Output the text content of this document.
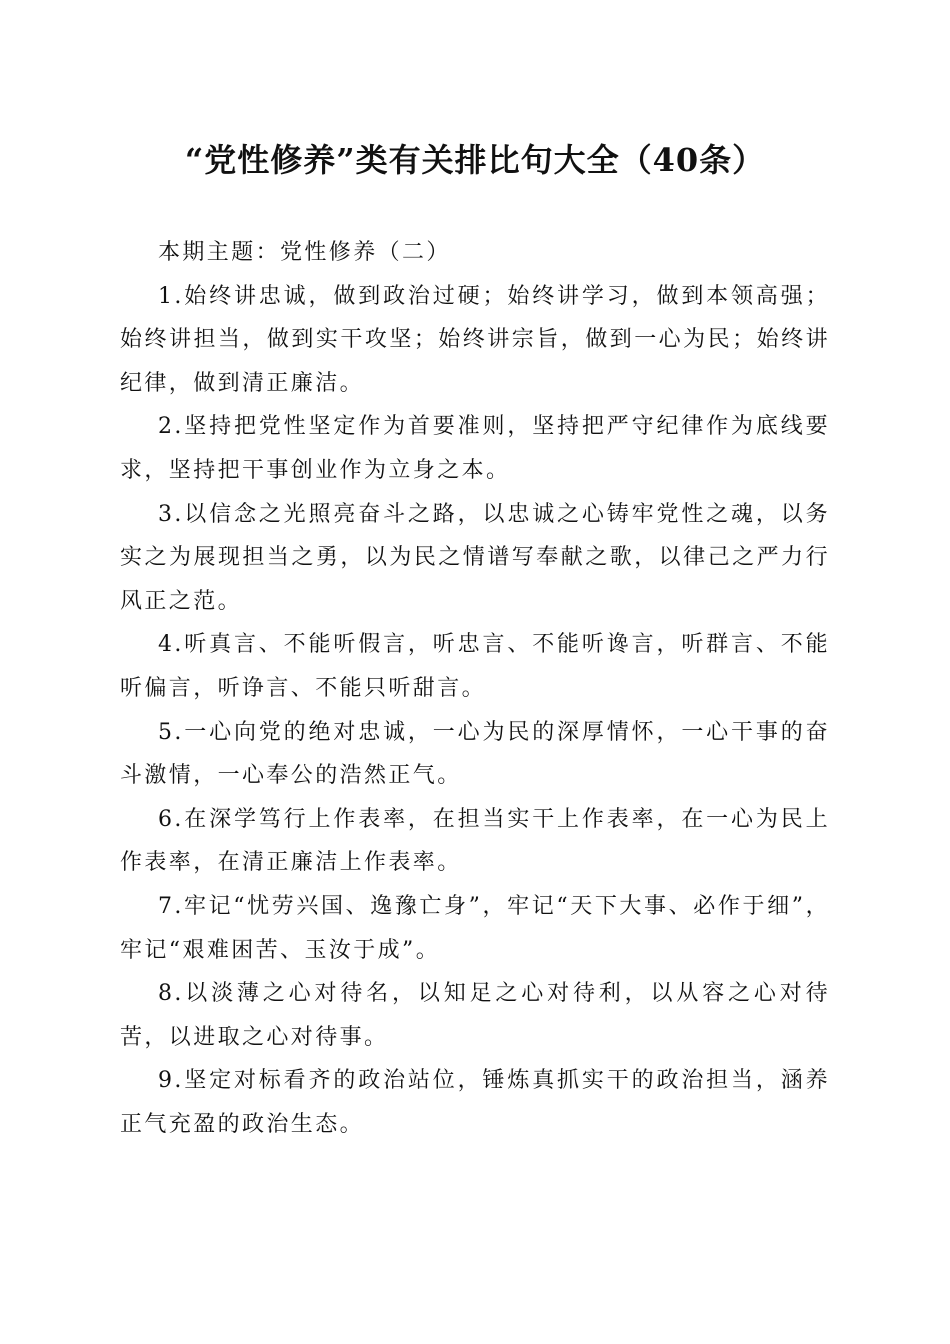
“党性修养”类有关排比句大全（40条）

本期主题：党性修养（二）

1.始终讲忠诚，做到政治过硬；始终讲学习，做到本领高强；始终讲担当，做到实干攻坚；始终讲宗旨，做到一心为民；始终讲纪律，做到清正廉洁。

2.坚持把党性坚定作为首要准则，坚持把严守纪律作为底线要求，坚持把干事创业作为立身之本。

3.以信念之光照亮奋斗之路，以忠诚之心铸牢党性之魂，以务实之为展现担当之勇，以为民之情谱写奉献之歌，以律己之严力行风正之范。

4.听真言、不能听假言，听忠言、不能听谗言，听群言、不能听偏言，听诤言、不能只听甜言。

5.一心向党的绝对忠诚，一心为民的深厚情怀，一心干事的奋斗激情，一心奉公的浩然正气。

6.在深学笃行上作表率，在担当实干上作表率，在一心为民上作表率，在清正廉洁上作表率。

7.牢记“忧劳兴国、逸豫亡身”，牢记“天下大事、必作于细”，牢记“艰难困苦、玉汝于成”。

8.以淡薄之心对待名，以知足之心对待利，以从容之心对待苦，以进取之心对待事。

9.坚定对标看齐的政治站位，锤炼真抓实干的政治担当，涵养正气充盈的政治生态。
